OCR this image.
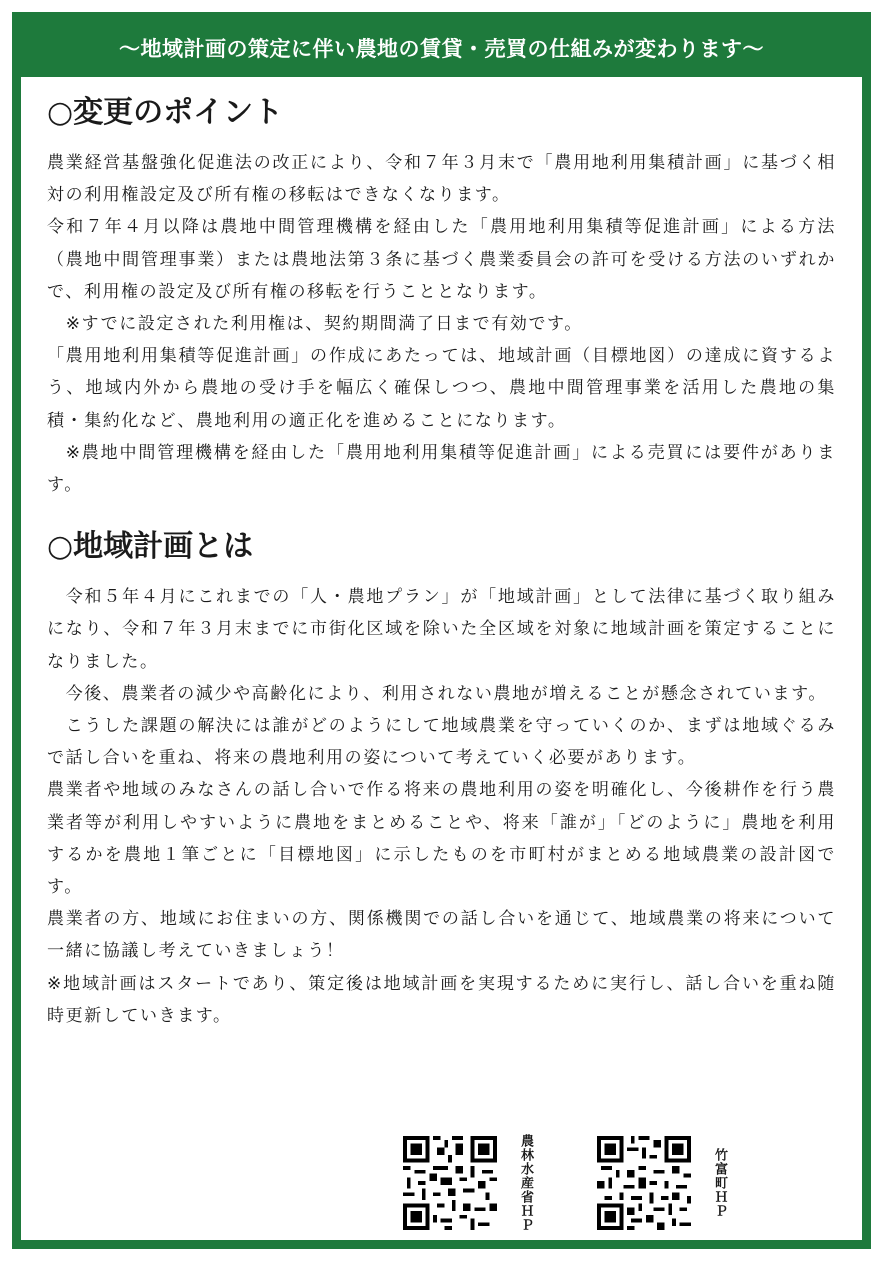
～地域計画の策定に伴い農地の賃貸・売買の仕組みが変わります～
○変更のポイント

農業経営基盤強化促進法の改正により、令和７年３月末で「農用地利用集積計画」に基づく相対の利用権設定及び所有権の移転はできなくなります。

令和７年４月以降は農地中間管理機構を経由した「農用地利用集積等促進計画」による方法（農地中間管理事業）または農地法第３条に基づく農業委員会の許可を受ける方法のいずれかで、利用権の設定及び所有権の移転を行うこととなります。

※すでに設定された利用権は、契約期間満了日まで有効です。

「農用地利用集積等促進計画」の作成にあたっては、地域計画（目標地図）の達成に資するよう、地域内外から農地の受け手を幅広く確保しつつ、農地中間管理事業を活用した農地の集積・集約化など、農地利用の適正化を進めることになります。

※農地中間管理機構を経由した「農用地利用集積等促進計画」による売買には要件があります。

○地域計画とは

令和５年４月にこれまでの「人・農地プラン」が「地域計画」として法律に基づく取り組みになり、令和７年３月末までに市街化区域を除いた全区域を対象に地域計画を策定することになりました。

今後、農業者の減少や高齢化により、利用されない農地が増えることが懸念されています。

こうした課題の解決には誰がどのようにして地域農業を守っていくのか、まずは地域ぐるみで話し合いを重ね、将来の農地利用の姿について考えていく必要があります。

農業者や地域のみなさんの話し合いで作る将来の農地利用の姿を明確化し、今後耕作を行う農業者等が利用しやすいように農地をまとめることや、将来「誰が」「どのように」農地を利用するかを農地１筆ごとに「目標地図」に示したものを市町村がまとめる地域農業の設計図です。

農業者の方、地域にお住まいの方、関係機関での話し合いを通じて、地域農業の将来について一緒に協議し考えていきましょう！

※地域計画はスタートであり、策定後は地域計画を実現するために実行し、話し合いを重ね随時更新していきます。

農林水産省ＨＰ	竹富町ＨＰ
